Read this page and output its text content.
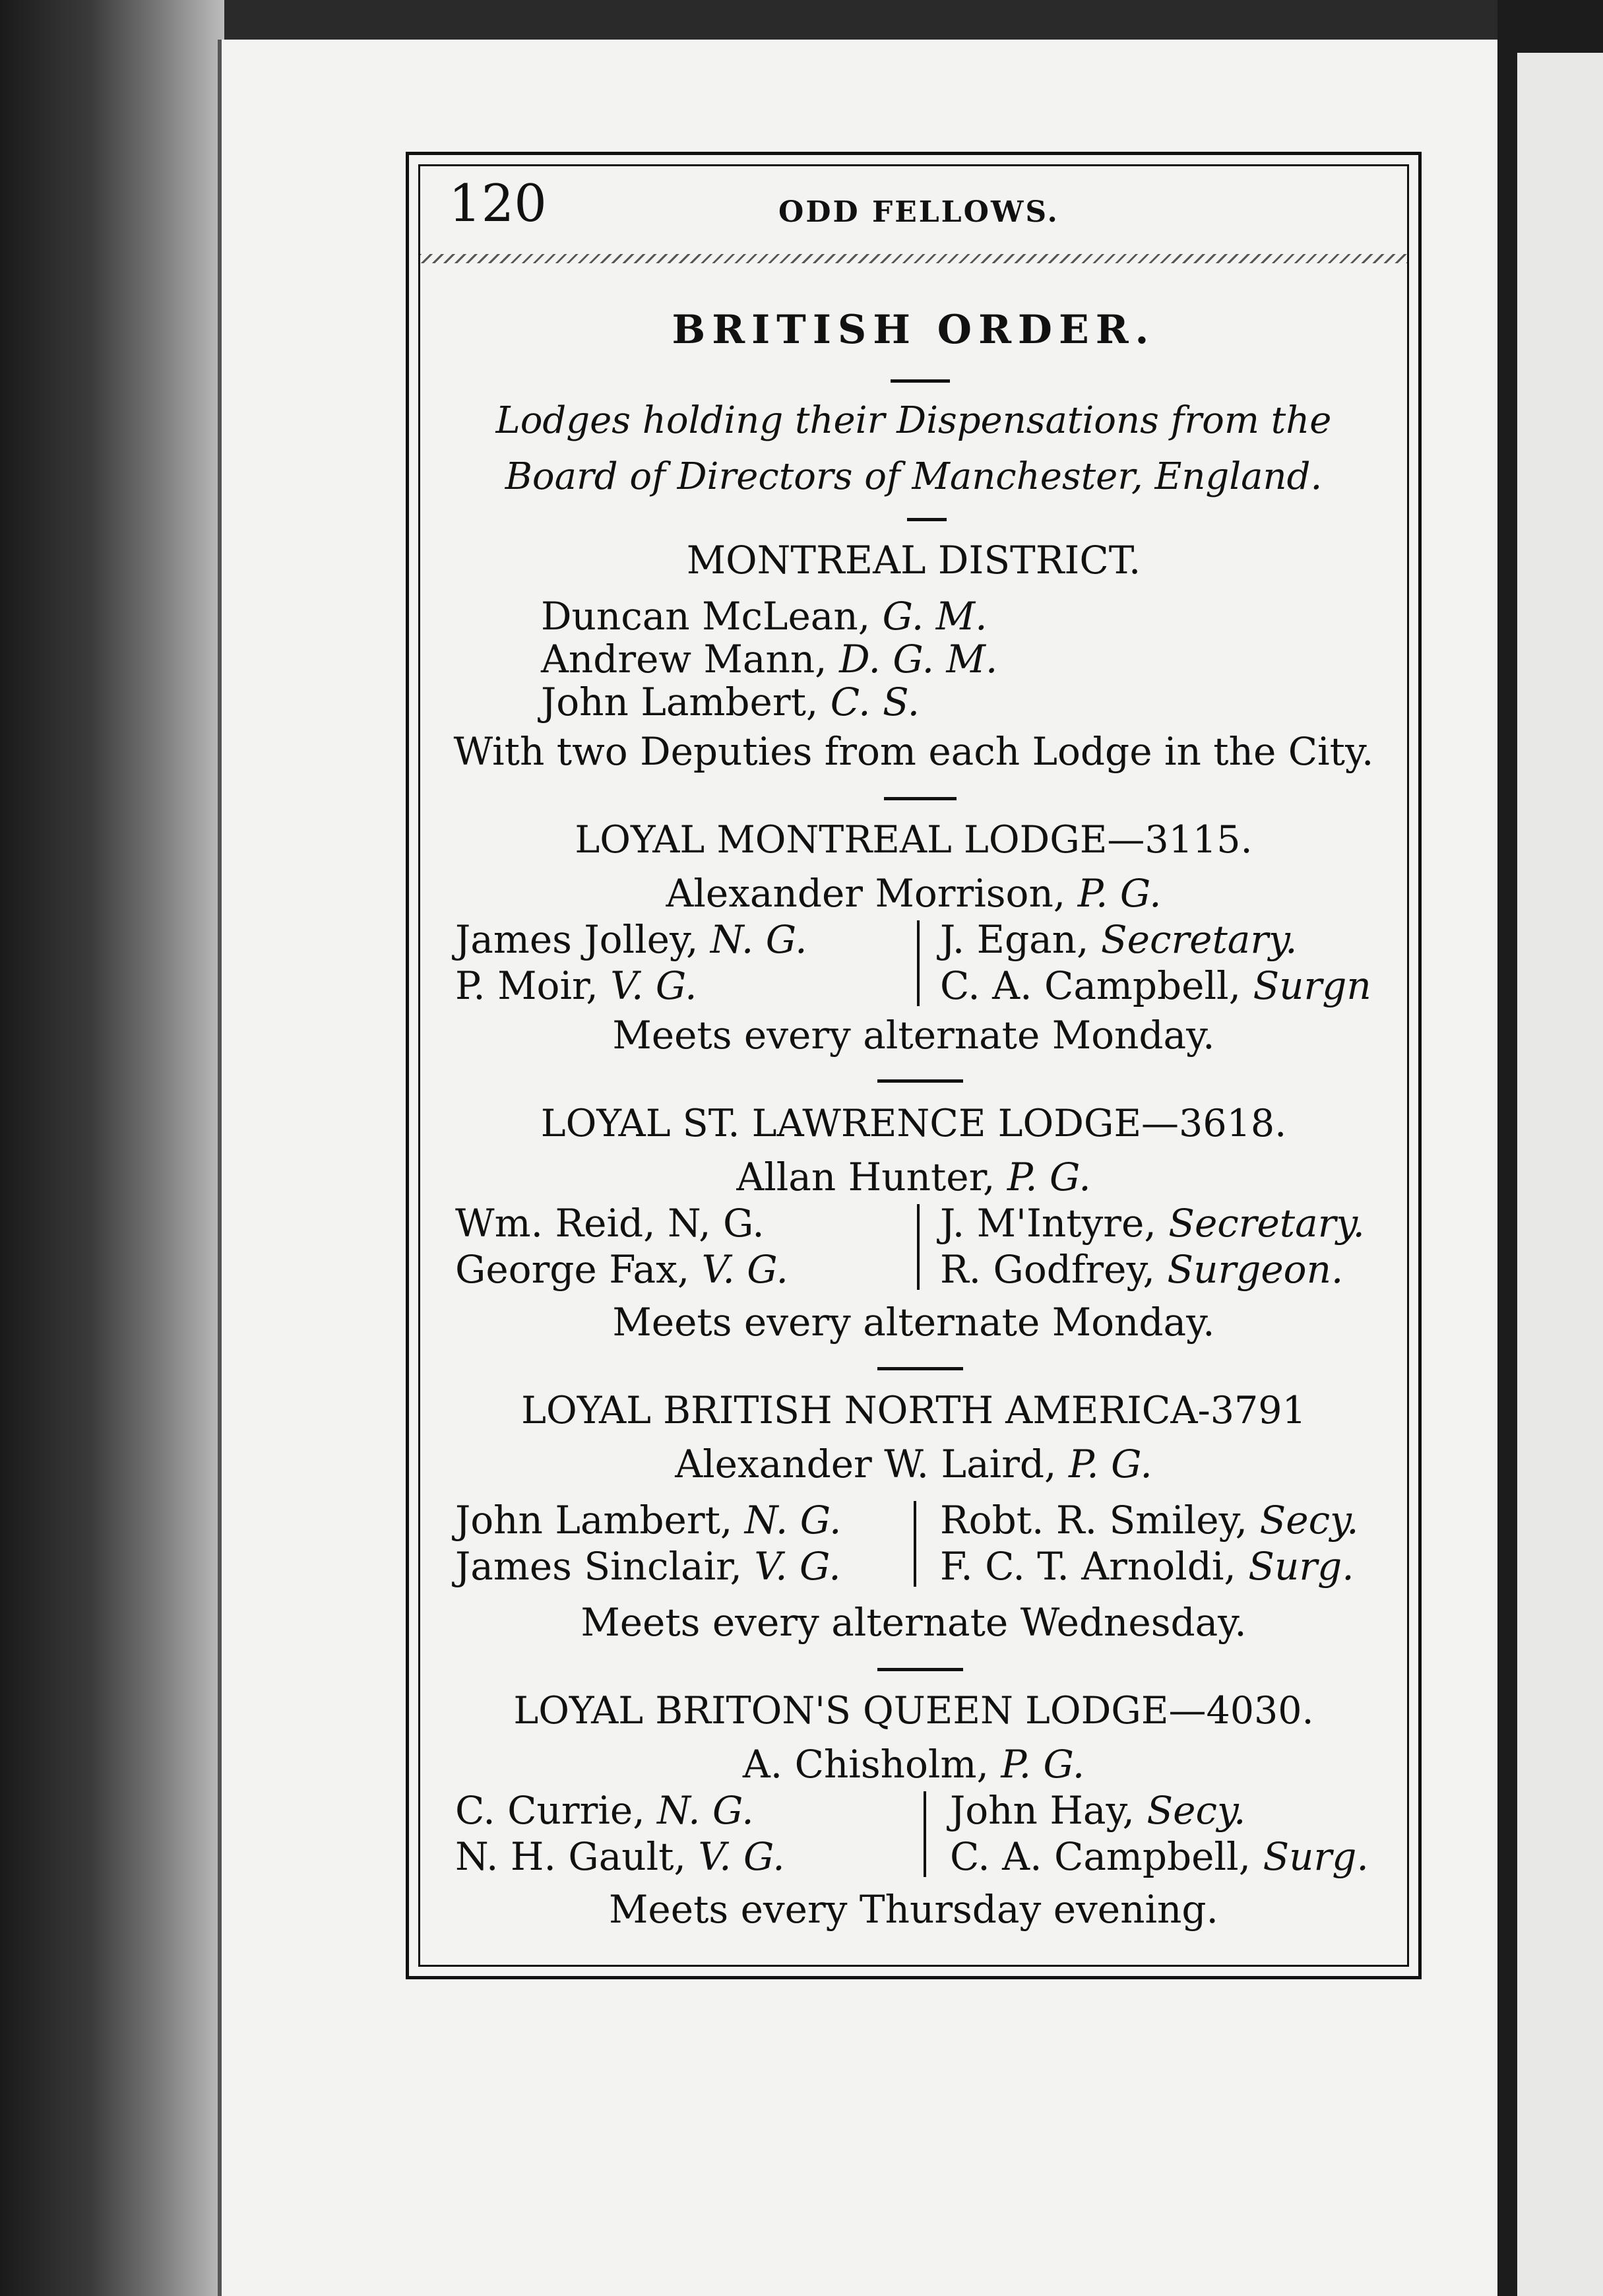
120	ODD FELLOWS.
BRITISH ORDER.
Lodges holding their Dispensations from the
Board of Directors of Manchester, England.
MONTREAL DISTRICT.
Duncan McLean, G. M.
Andrew Mann, D. G. M.
John Lambert, C. S.
With two Deputies from each Lodge in the City.
LOYAL MONTREAL LODGE—3115.
Alexander Morrison, P. G.
James Jolley, N. G.
P. Moir, V. G.
J. Egan, Secretary.
C. A. Campbell, Surgn
Meets every alternate Monday.
LOYAL ST. LAWRENCE LODGE—3618.
Allan Hunter, P. G.
Wm. Reid, N, G.
George Fax, V. G.
J. M'Intyre, Secretary.
R. Godfrey, Surgeon.
Meets every alternate Monday.
LOYAL BRITISH NORTH AMERICA-3791
Alexander W. Laird, P. G.
John Lambert, N. G.
James Sinclair, V. G.
Robt. R. Smiley, Secy.
F. C. T. Arnoldi, Surg.
Meets every alternate Wednesday.
LOYAL BRITON'S QUEEN LODGE—4030.
A. Chisholm, P. G.
C. Currie, N. G.
N. H. Gault, V. G.
John Hay, Secy.
C. A. Campbell, Surg.
Meets every Thursday evening.
